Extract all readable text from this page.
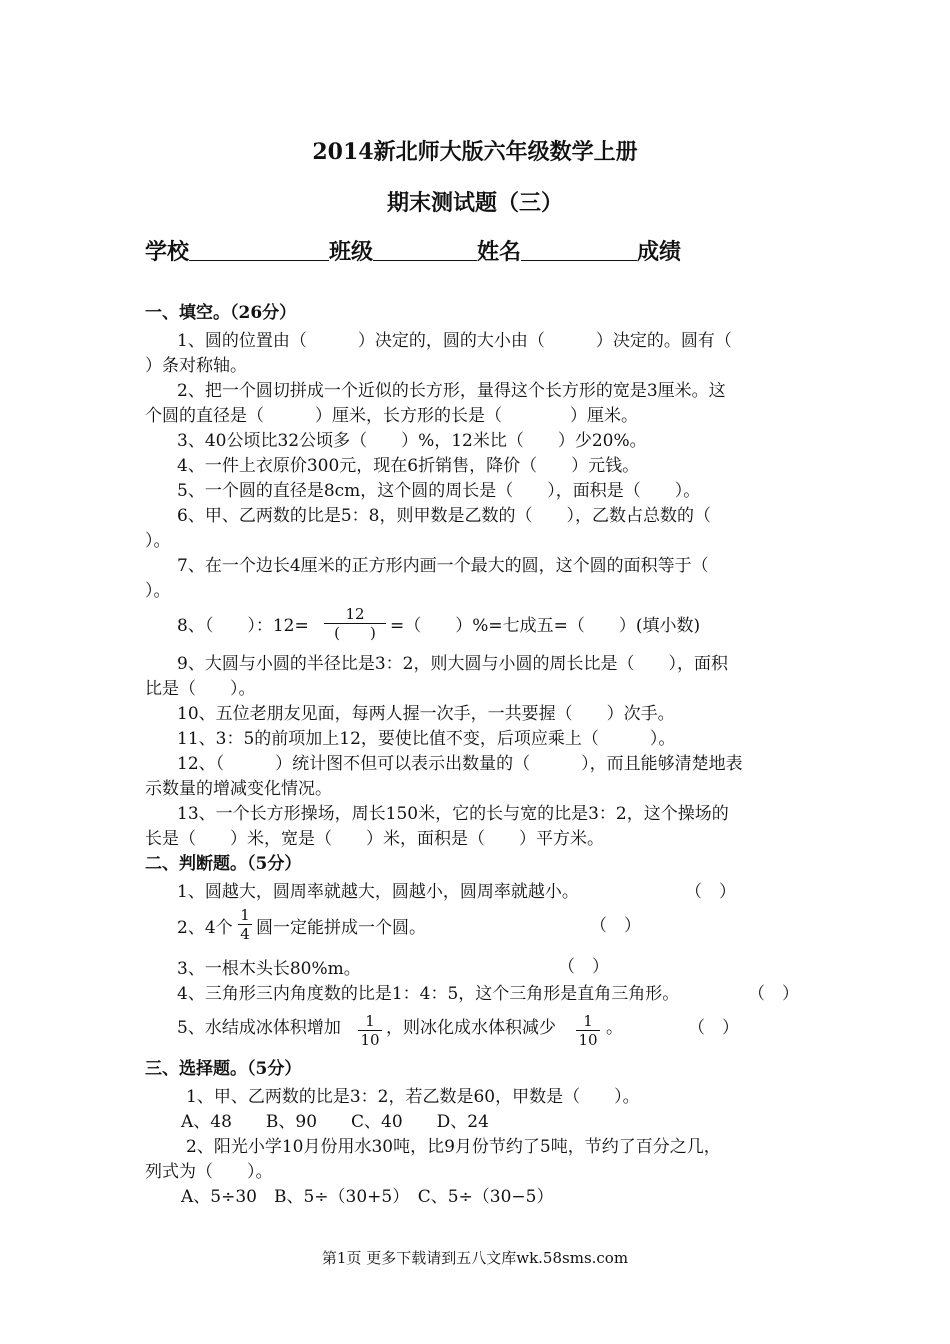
2014新北师大版六年级数学上册
期末测试题（三）
学校	班级	姓名	成绩
一、填空。（26分）
1、圆的位置由（　　　）决定的，圆的大小由（　　　）决定的。圆有（
）条对称轴。
2、把一个圆切拼成一个近似的长方形，量得这个长方形的宽是3厘米。这
个圆的直径是（　　　）厘米，长方形的长是（　　　　）厘米。
3、40公顷比32公顷多（　　）%，12米比（　　）少20%。
4、一件上衣原价300元，现在6折销售，降价（　　）元钱。
5、一个圆的直径是8cm，这个圆的周长是（　　），面积是（　　）。
6、甲、乙两数的比是5：8，则甲数是乙数的（　　），乙数占总数的（
）。
7、在一个边长4厘米的正方形内画一个最大的圆，这个圆的面积等于（
）。
8、（　　）：12=
12
(　　) =（　　）%=七成五=（　　）(填小数)
9、大圆与小圆的半径比是3：2，则大圆与小圆的周长比是（　　），面积
比是（　　）。
10、五位老朋友见面，每两人握一次手，一共要握（　　）次手。
11、3：5的前项加上12，要使比值不变，后项应乘上（　　　）。
12、（　　　）统计图不但可以表示出数量的（　　　），而且能够清楚地表
示数量的增减变化情况。
13、一个长方形操场，周长150米，它的长与宽的比是3：2，这个操场的
长是（　　）米，宽是（　　）米，面积是（　　）平方米。
二、判断题。（5分）
1、圆越大，圆周率就越大，圆越小，圆周率就越小。	（　）
2、4个 $\frac{1}{4}$ 圆一定能拼成一个圆。	（　）
3、一根木头长80%m。	（　）
4、三角形三内角度数的比是1：4：5，这个三角形是直角三角形。	（　）
5、水结成冰体积增加 $\frac{1}{10}$ ，则冰化成水体积减少 $\frac{1}{10}$ 。	（　）
三、选择题。（5分）
1、甲、乙两数的比是3：2，若乙数是60，甲数是（　　）。
A、48　　B、90　　C、40　　D、24
2、阳光小学10月份用水30吨，比9月份节约了5吨，节约了百分之几，
列式为（　　）。
A、5÷30　B、5÷（30+5）　C、5÷（30−5）
第1页 更多下载请到五八文库wk.58sms.com
